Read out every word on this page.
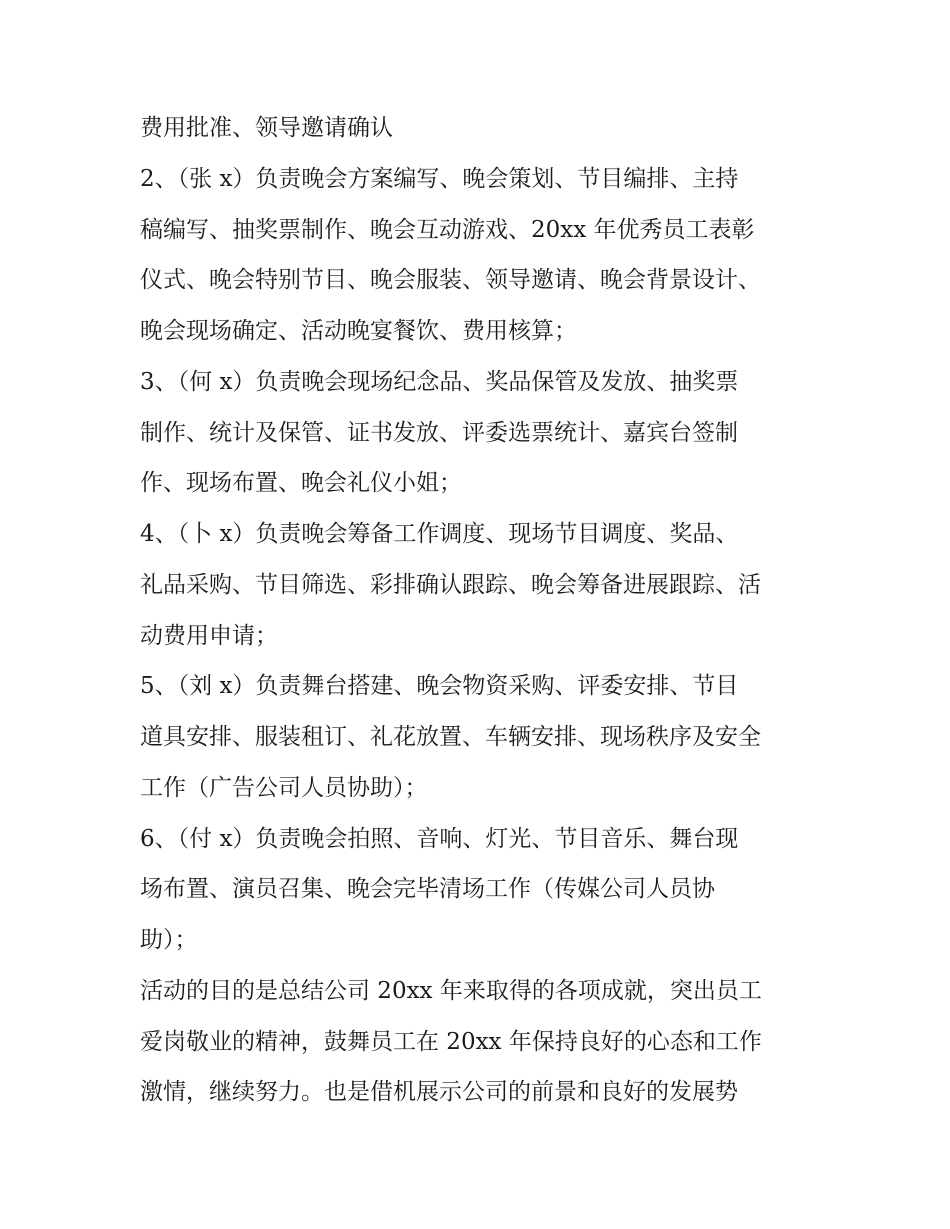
费用批准、领导邀请确认
2、（张 x）负责晚会方案编写、晚会策划、节目编排、主持
稿编写、抽奖票制作、晚会互动游戏、20xx 年优秀员工表彰
仪式、晚会特别节目、晚会服装、领导邀请、晚会背景设计、
晚会现场确定、活动晚宴餐饮、费用核算；
3、（何 x）负责晚会现场纪念品、奖品保管及发放、抽奖票
制作、统计及保管、证书发放、评委选票统计、嘉宾台签制
作、现场布置、晚会礼仪小姐；
4、（卜 x）负责晚会筹备工作调度、现场节目调度、奖品、
礼品采购、节目筛选、彩排确认跟踪、晚会筹备进展跟踪、活
动费用申请；
5、（刘 x）负责舞台搭建、晚会物资采购、评委安排、节目
道具安排、服装租订、礼花放置、车辆安排、现场秩序及安全
工作（广告公司人员协助）；
6、（付 x）负责晚会拍照、音响、灯光、节目音乐、舞台现
场布置、演员召集、晚会完毕清场工作（传媒公司人员协
助）；
活动的目的是总结公司 20xx 年来取得的各项成就，突出员工
爱岗敬业的精神，鼓舞员工在 20xx 年保持良好的心态和工作
激情，继续努力。也是借机展示公司的前景和良好的发展势
